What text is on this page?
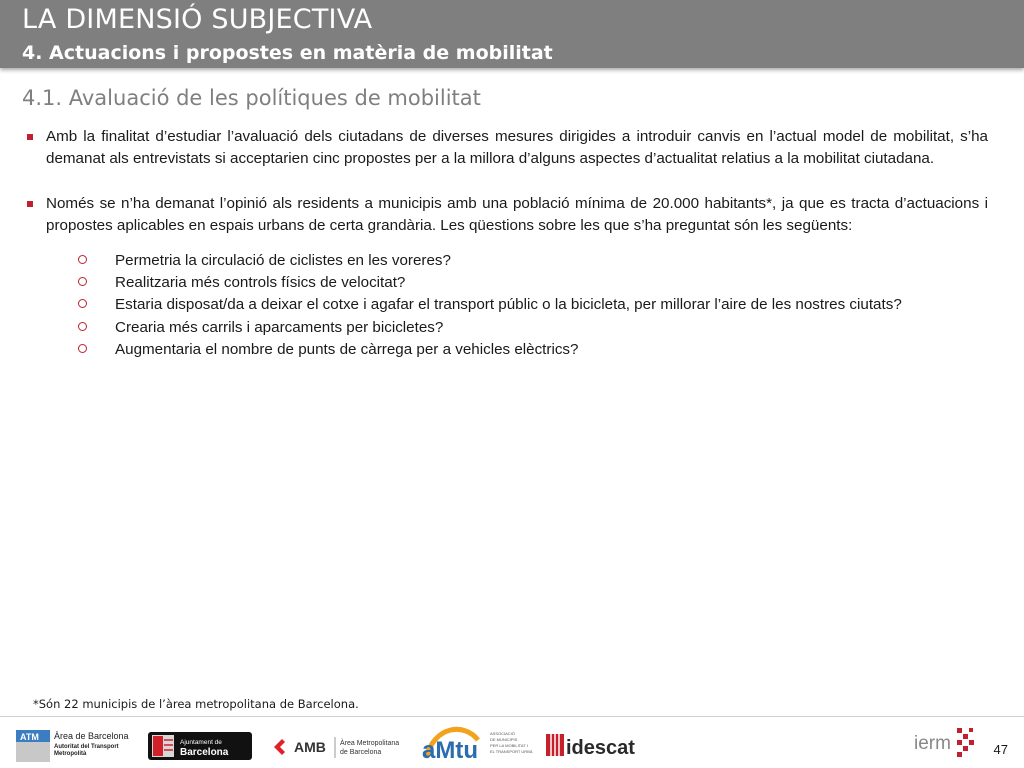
LA DIMENSIÓ SUBJECTIVA
4. Actuacions i propostes en matèria de mobilitat
4.1. Avaluació de les polítiques de mobilitat
Amb la finalitat d’estudiar l’avaluació dels ciutadans de diverses mesures dirigides a introduir canvis en l’actual model de mobilitat, s’ha demanat als entrevistats si acceptarien cinc propostes per a la millora d’alguns aspectes d’actualitat relatius a la mobilitat ciutadana.
Només se n’ha demanat l’opinió als residents a municipis amb una població mínima de 20.000 habitants*, ja que es tracta d’actuacions i propostes aplicables en espais urbans de certa grandària. Les qüestions sobre les que s’ha preguntat són les següents:
Permetria la circulació de ciclistes en les voreres?
Realitzaria més controls físics de velocitat?
Estaria disposat/da a deixar el cotxe i agafar el transport públic o la bicicleta, per millorar l’aire de les nostres ciutats?
Crearia més carrils i aparcaments per bicicletes?
Augmentaria el nombre de punts de càrrega per a vehicles elèctrics?
*Són 22 municipis de l’àrea metropolitana de Barcelona.
ATM Àrea de Barcelona
Autoritat del Transport
Metropolità
Ajuntament de
Barcelona	AMB Àrea Metropolitana
de Barcelona aMtu
ASSOCIACIÓ
DE MUNICIPIS
PER LA MOBILITAT I
EL TRANSPORT URBÀ idescat	ierm	47
